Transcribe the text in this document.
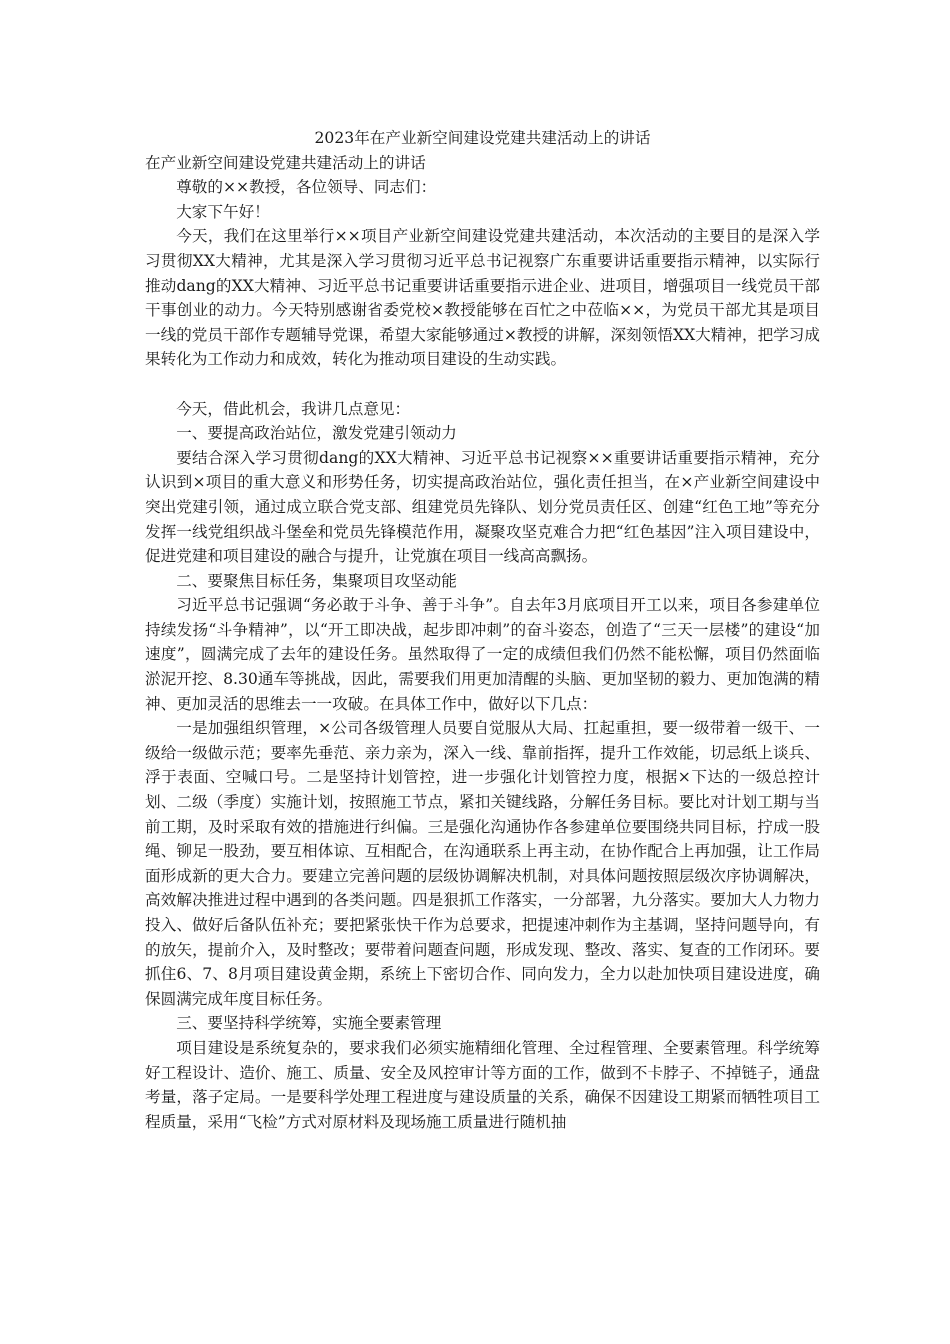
2023年在产业新空间建设党建共建活动上的讲话

在产业新空间建设党建共建活动上的讲话

尊敬的××教授，各位领导、同志们：

大家下午好！

今天，我们在这里举行××项目产业新空间建设党建共建活动，本次活动的主要目的是深入学习贯彻XX大精神，尤其是深入学习贯彻习近平总书记视察广东重要讲话重要指示精神，以实际行推动dang的XX大精神、习近平总书记重要讲话重要指示进企业、进项目，增强项目一线党员干部干事创业的动力。今天特别感谢省委党校×教授能够在百忙之中莅临××，为党员干部尤其是项目一线的党员干部作专题辅导党课，希望大家能够通过×教授的讲解，深刻领悟XX大精神，把学习成果转化为工作动力和成效，转化为推动项目建设的生动实践。

今天，借此机会，我讲几点意见：

一、要提高政治站位，激发党建引领动力

要结合深入学习贯彻dang的XX大精神、习近平总书记视察××重要讲话重要指示精神，充分认识到×项目的重大意义和形势任务，切实提高政治站位，强化责任担当，在×产业新空间建设中突出党建引领，通过成立联合党支部、组建党员先锋队、划分党员责任区、创建“红色工地”等充分发挥一线党组织战斗堡垒和党员先锋模范作用，凝聚攻坚克难合力把“红色基因”注入项目建设中，促进党建和项目建设的融合与提升，让党旗在项目一线高高飘扬。

二、要聚焦目标任务，集聚项目攻坚动能

习近平总书记强调“务必敢于斗争、善于斗争”。自去年3月底项目开工以来，项目各参建单位持续发扬“斗争精神”，以“开工即决战，起步即冲刺”的奋斗姿态，创造了“三天一层楼”的建设“加速度”，圆满完成了去年的建设任务。虽然取得了一定的成绩但我们仍然不能松懈，项目仍然面临淤泥开挖、8.30通车等挑战，因此，需要我们用更加清醒的头脑、更加坚韧的毅力、更加饱满的精神、更加灵活的思维去一一攻破。在具体工作中，做好以下几点：

一是加强组织管理，×公司各级管理人员要自觉服从大局、扛起重担，要一级带着一级干、一级给一级做示范；要率先垂范、亲力亲为，深入一线、靠前指挥，提升工作效能，切忌纸上谈兵、浮于表面、空喊口号。二是坚持计划管控，进一步强化计划管控力度，根据×下达的一级总控计划、二级（季度）实施计划，按照施工节点，紧扣关键线路，分解任务目标。要比对计划工期与当前工期，及时采取有效的措施进行纠偏。三是强化沟通协作各参建单位要围绕共同目标，拧成一股绳、铆足一股劲，要互相体谅、互相配合，在沟通联系上再主动，在协作配合上再加强，让工作局面形成新的更大合力。要建立完善问题的层级协调解决机制，对具体问题按照层级次序协调解决，高效解决推进过程中遇到的各类问题。四是狠抓工作落实，一分部署，九分落实。要加大人力物力投入、做好后备队伍补充；要把紧张快干作为总要求，把提速冲刺作为主基调，坚持问题导向，有的放矢，提前介入，及时整改；要带着问题查问题，形成发现、整改、落实、复查的工作闭环。要抓住6、7、8月项目建设黄金期，系统上下密切合作、同向发力，全力以赴加快项目建设进度，确保圆满完成年度目标任务。

三、要坚持科学统筹，实施全要素管理

项目建设是系统复杂的，要求我们必须实施精细化管理、全过程管理、全要素管理。科学统筹好工程设计、造价、施工、质量、安全及风控审计等方面的工作，做到不卡脖子、不掉链子，通盘考量，落子定局。一是要科学处理工程进度与建设质量的关系，确保不因建设工期紧而牺牲项目工程质量，采用“飞检”方式对原材料及现场施工质量进行随机抽
